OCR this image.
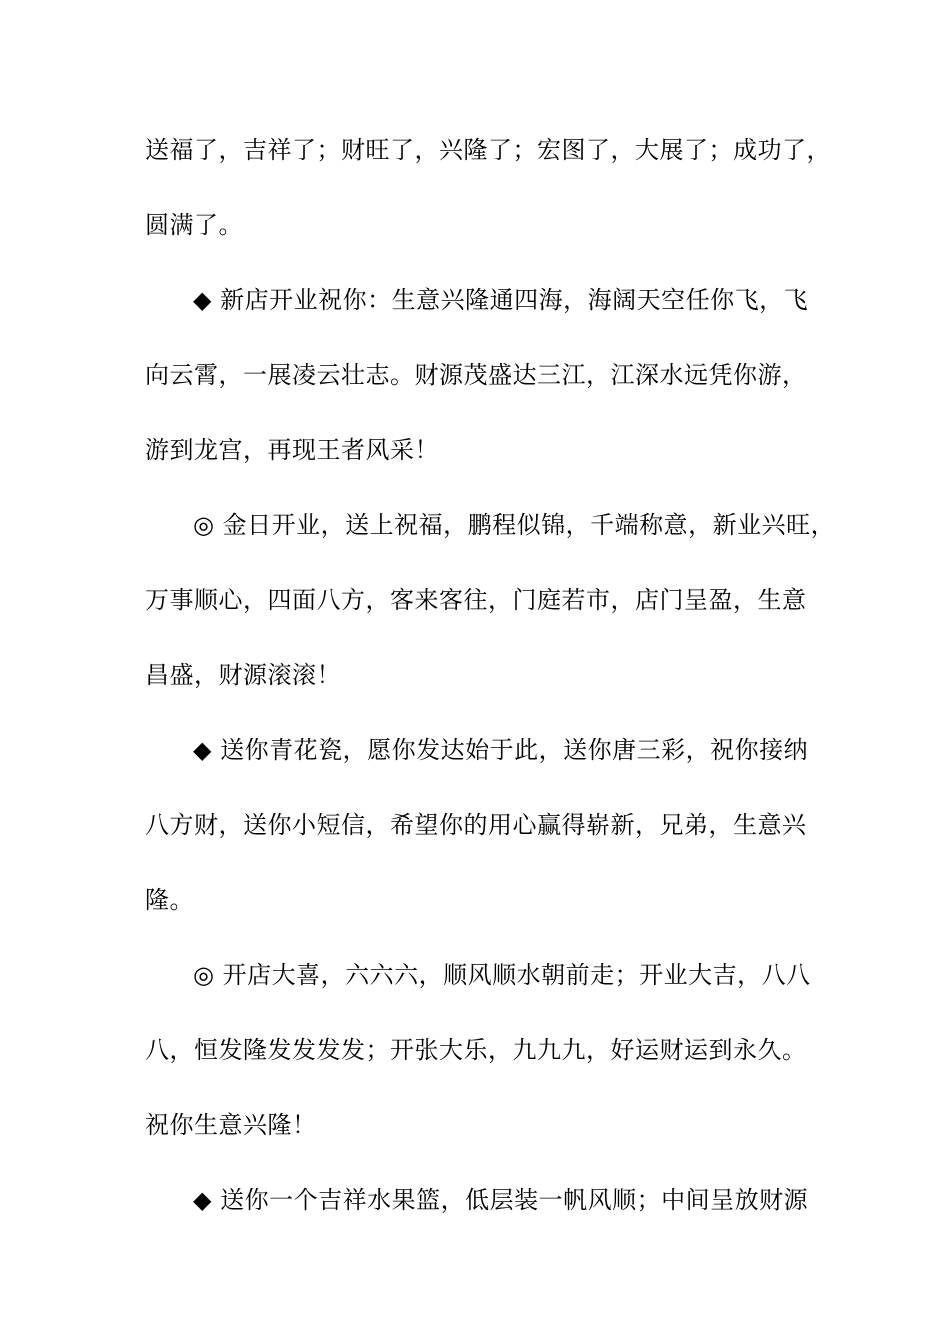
送福了，吉祥了；财旺了，兴隆了；宏图了，大展了；成功了，
圆满了。
◆ 新店开业祝你：生意兴隆通四海，海阔天空任你飞，飞
向云霄，一展凌云壮志。财源茂盛达三江，江深水远凭你游，
游到龙宫，再现王者风采！
◎ 金日开业，送上祝福，鹏程似锦，千端称意，新业兴旺，
万事顺心，四面八方，客来客往，门庭若市，店门呈盈，生意
昌盛，财源滚滚！
◆ 送你青花瓷，愿你发达始于此，送你唐三彩，祝你接纳
八方财，送你小短信，希望你的用心赢得崭新，兄弟，生意兴
隆。
◎ 开店大喜，六六六，顺风顺水朝前走；开业大吉，八八
八，恒发隆发发发发；开张大乐，九九九，好运财运到永久。
祝你生意兴隆！
◆ 送你一个吉祥水果篮，低层装一帆风顺；中间呈放财源
